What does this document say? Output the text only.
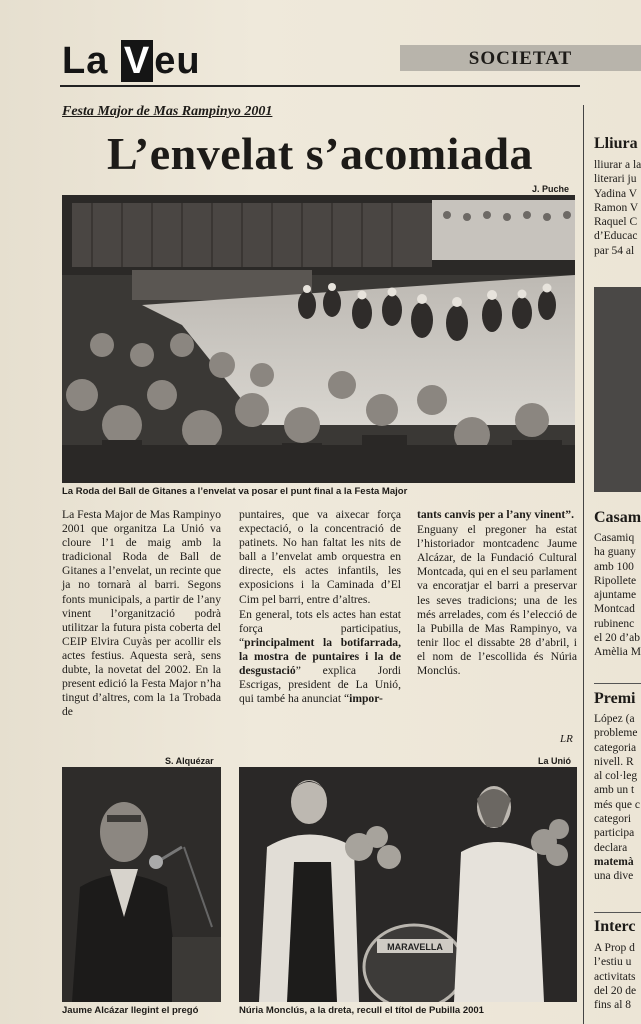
La V eu	SOCIETAT
Festa Major de Mas Rampinyo 2001
L’envelat s’acomiada
J. Puche
La Roda del Ball de Gitanes a l’envelat va posar el punt final a la Festa Major

La Festa Major de Mas Rampinyo 2001 que organitza La Unió va cloure l’1 de maig amb la tradicional Roda de Ball de Gitanes a l’envelat, un recinte que ja no tornarà al barri. Segons fonts municipals, a partir de l’any vinent l’organització podrà utilitzar la futura pista coberta del CEIP Elvira Cuyàs per acollir els actes festius. Aquesta serà, sens dubte, la novetat del 2002. En la present edició la Festa Major n’ha tingut d’altres, com la 1a Trobada de

puntaires, que va aixecar força expectació, o la concentració de patinets. No han faltat les nits de ball a l’envelat amb orquestra en directe, els actes infantils, les exposicions i la Caminada d’El Cim pel barri, entre d’altres.

En general, tots els actes han estat força participatius, “principalment la botifarrada, la mostra de puntaires i la de desgustació” explica Jordi Escrigas, president de La Unió, qui també ha anunciat “impor-

tants canvis per a l’any vinent”.

Enguany el pregoner ha estat l’historiador montcadenc Jaume Alcázar, de la Fundació Cultural Montcada, qui en el seu parlament va encoratjar el barri a preservar les seves tradicions; una de les més arrelades, com és l’elecció de la Pubilla de Mas Rampinyo, va tenir lloc el dissabte 28 d’abril, i el nom de l’escollida és Núria Monclús.

LR
S. Alquézar
Jaume Alcázar llegint el pregó
La Unió
MARAVELLA
Núria Monclús, a la dreta, recull el títol de Pubilla 2001
Lliura
lliurar a la
literari ju
Yadina V
Ramon V
Raquel C
d’Educac
par 54 al
Casam
Casamiq
ha guany
amb 100
Ripollete
ajuntame
Montcad
rubinenc
el 20 d’ab
Amèlia M
Premi
López (a
probleme
categoria
nivell. R
al col·leg
amb un t
més que c
categori
participa
declara
matemà
una dive
Interc
A Prop d
l’estiu u
activitats
del 20 de
fins al 8
